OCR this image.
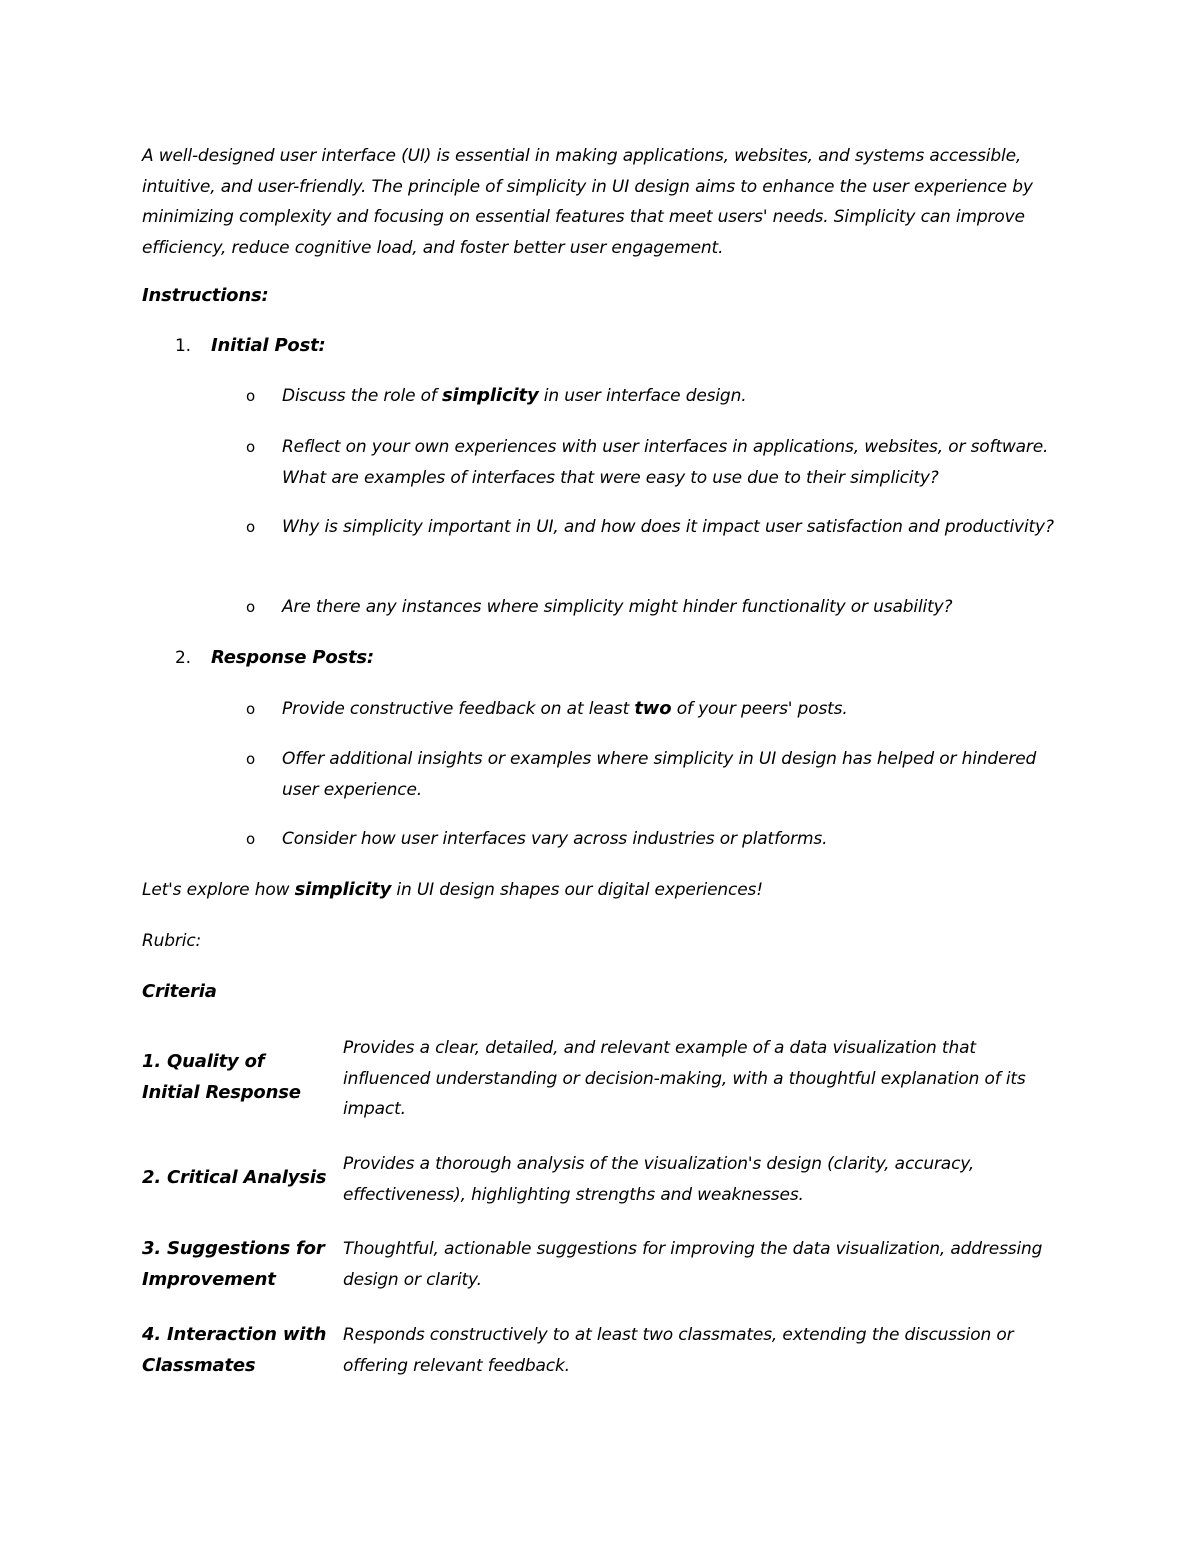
A well-designed user interface (UI) is essential in making applications, websites, and systems accessible, intuitive, and user-friendly. The principle of simplicity in UI design aims to enhance the user experience by minimizing complexity and focusing on essential features that meet users' needs. Simplicity can improve efficiency, reduce cognitive load, and foster better user engagement.

Instructions:

1. Initial Post:

o Discuss the role of simplicity in user interface design.
o Reflect on your own experiences with user interfaces in applications, websites, or software. What are examples of interfaces that were easy to use due to their simplicity?
o Why is simplicity important in UI, and how does it impact user satisfaction and productivity?
o Are there any instances where simplicity might hinder functionality or usability?

2. Response Posts:

o Provide constructive feedback on at least two of your peers' posts.
o Offer additional insights or examples where simplicity in UI design has helped or hindered user experience.
o Consider how user interfaces vary across industries or platforms.

Let's explore how simplicity in UI design shapes our digital experiences!

Rubric:

Criteria

1. Quality of Initial Response
Provides a clear, detailed, and relevant example of a data visualization that influenced understanding or decision-making, with a thoughtful explanation of its impact.
2. Critical Analysis
Provides a thorough analysis of the visualization's design (clarity, accuracy, effectiveness), highlighting strengths and weaknesses.
3. Suggestions for Improvement
Thoughtful, actionable suggestions for improving the data visualization, addressing design or clarity.
4. Interaction with Classmates
Responds constructively to at least two classmates, extending the discussion or offering relevant feedback.
